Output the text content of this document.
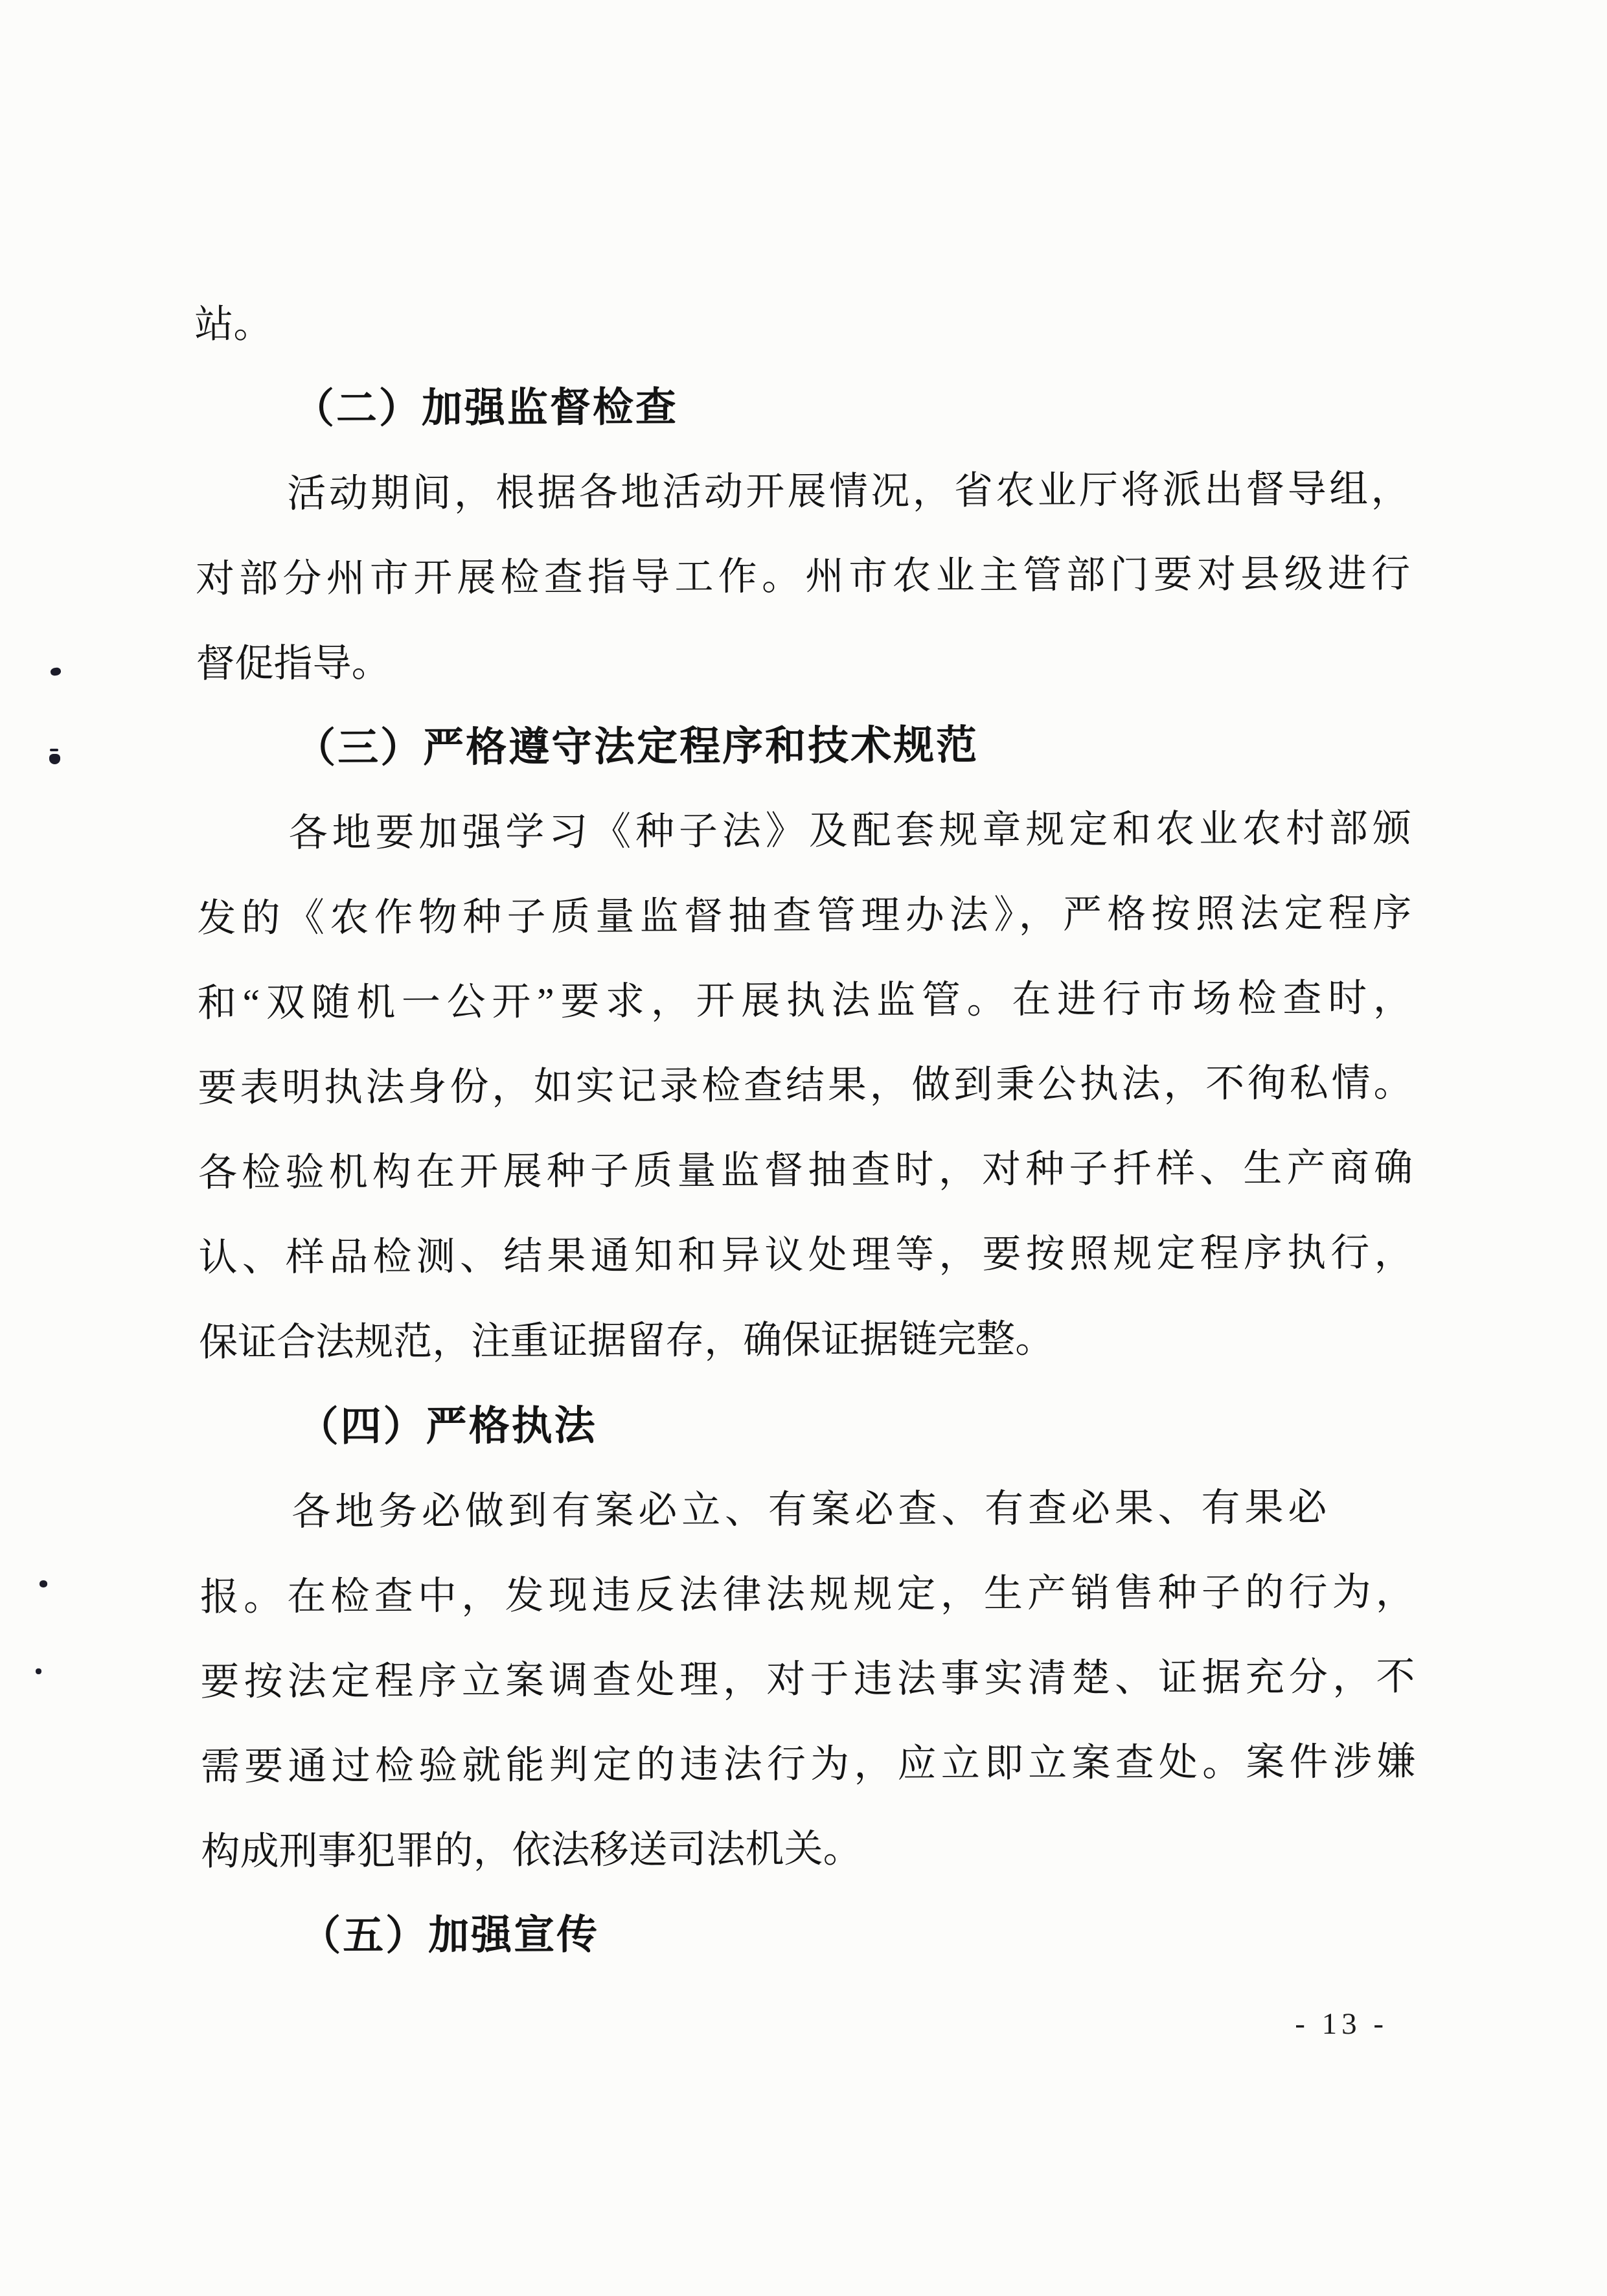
站。
（二）加强监督检查
活动期间，根据各地活动开展情况，省农业厅将派出督导组，
对部分州市开展检查指导工作。州市农业主管部门要对县级进行
督促指导。
（三）严格遵守法定程序和技术规范
各地要加强学习《种子法》及配套规章规定和农业农村部颁
发的《农作物种子质量监督抽查管理办法》，严格按照法定程序
和“双随机一公开”要求，开展执法监管。在进行市场检查时，
要表明执法身份，如实记录检查结果，做到秉公执法，不徇私情。
各检验机构在开展种子质量监督抽查时，对种子扦样、生产商确
认、样品检测、结果通知和异议处理等，要按照规定程序执行，
保证合法规范，注重证据留存，确保证据链完整。
（四）严格执法
各地务必做到有案必立、有案必查、有查必果、有果必
报。在检查中，发现违反法律法规规定，生产销售种子的行为，
要按法定程序立案调查处理，对于违法事实清楚、证据充分，不
需要通过检验就能判定的违法行为，应立即立案查处。案件涉嫌
构成刑事犯罪的，依法移送司法机关。
（五）加强宣传
- 13 -
